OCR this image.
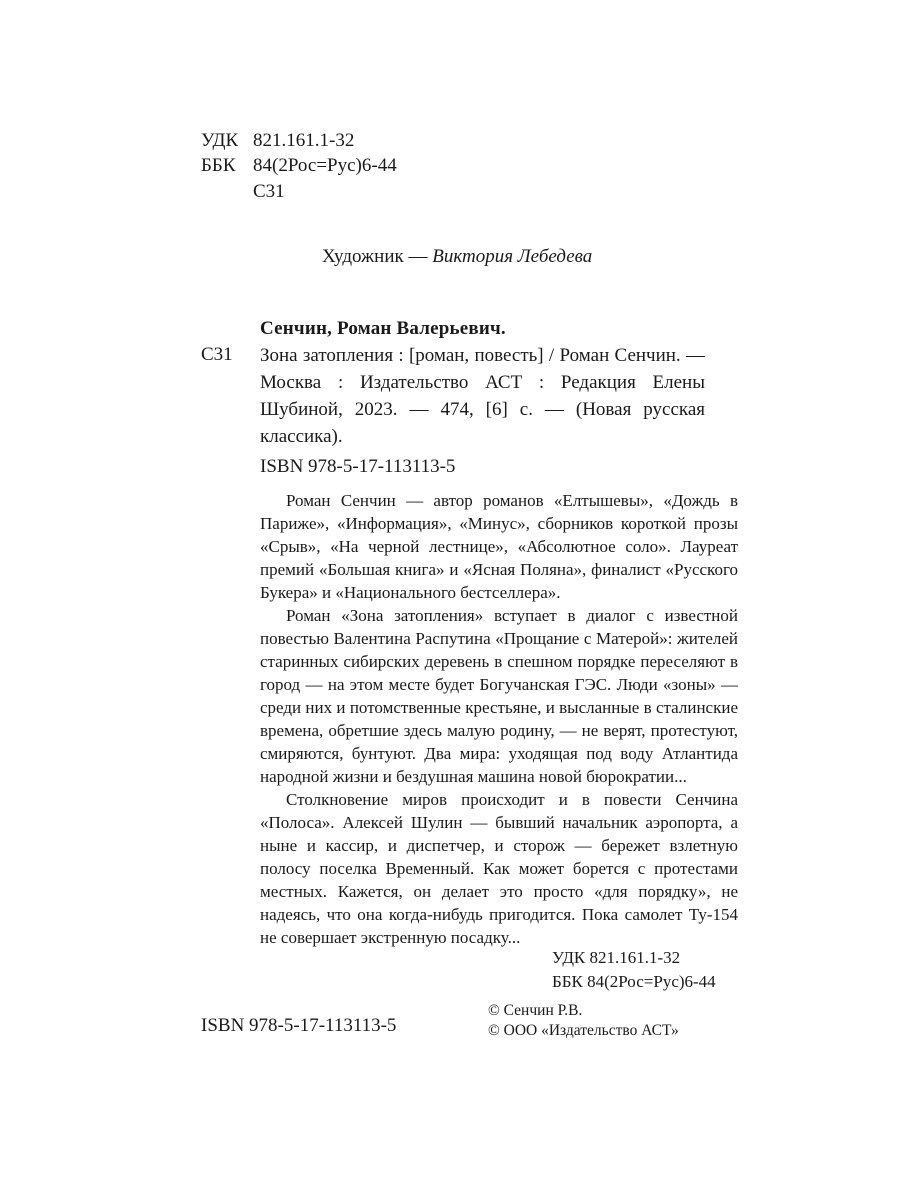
УДК 821.161.1-32
ББК 84(2Рос=Рус)6-44
С31
Художник — Виктория Лебедева
Сенчин, Роман Валерьевич.
С31 Зона затопления : [роман, повесть] / Роман Сенчин. — Москва : Издательство АСТ : Редакция Елены Шубиной, 2023. — 474, [6] с. — (Новая русская классика).
ISBN 978-5-17-113113-5

Роман Сенчин — автор романов «Елтышевы», «Дождь в Париже», «Информация», «Минус», сборников короткой прозы «Срыв», «На черной лестнице», «Абсолютное соло». Лауреат премий «Большая книга» и «Ясная Поляна», финалист «Русского Букера» и «Национального бестселлера».

Роман «Зона затопления» вступает в диалог с известной повестью Валентина Распутина «Прощание с Матерой»: жителей старинных сибирских деревень в спешном порядке переселяют в город — на этом месте будет Богучанская ГЭС. Люди «зоны» — среди них и потомственные крестьяне, и высланные в сталинские времена, обретшие здесь малую родину, — не верят, протестуют, смиряются, бунтуют. Два мира: уходящая под воду Атлантида народной жизни и бездушная машина новой бюрократии...

Столкновение миров происходит и в повести Сенчина «Полоса». Алексей Шулин — бывший начальник аэропорта, а ныне и кассир, и диспетчер, и сторож — бережет взлетную полосу поселка Временный. Как может борется с протестами местных. Кажется, он делает это просто «для порядку», не надеясь, что она когда-нибудь пригодится. Пока самолет Ту-154 не совершает экстренную посадку...

УДК 821.161.1-32
ББК 84(2Рос=Рус)6-44
ISBN 978-5-17-113113-5
© Сенчин Р.В.
© ООО «Издательство АСТ»
